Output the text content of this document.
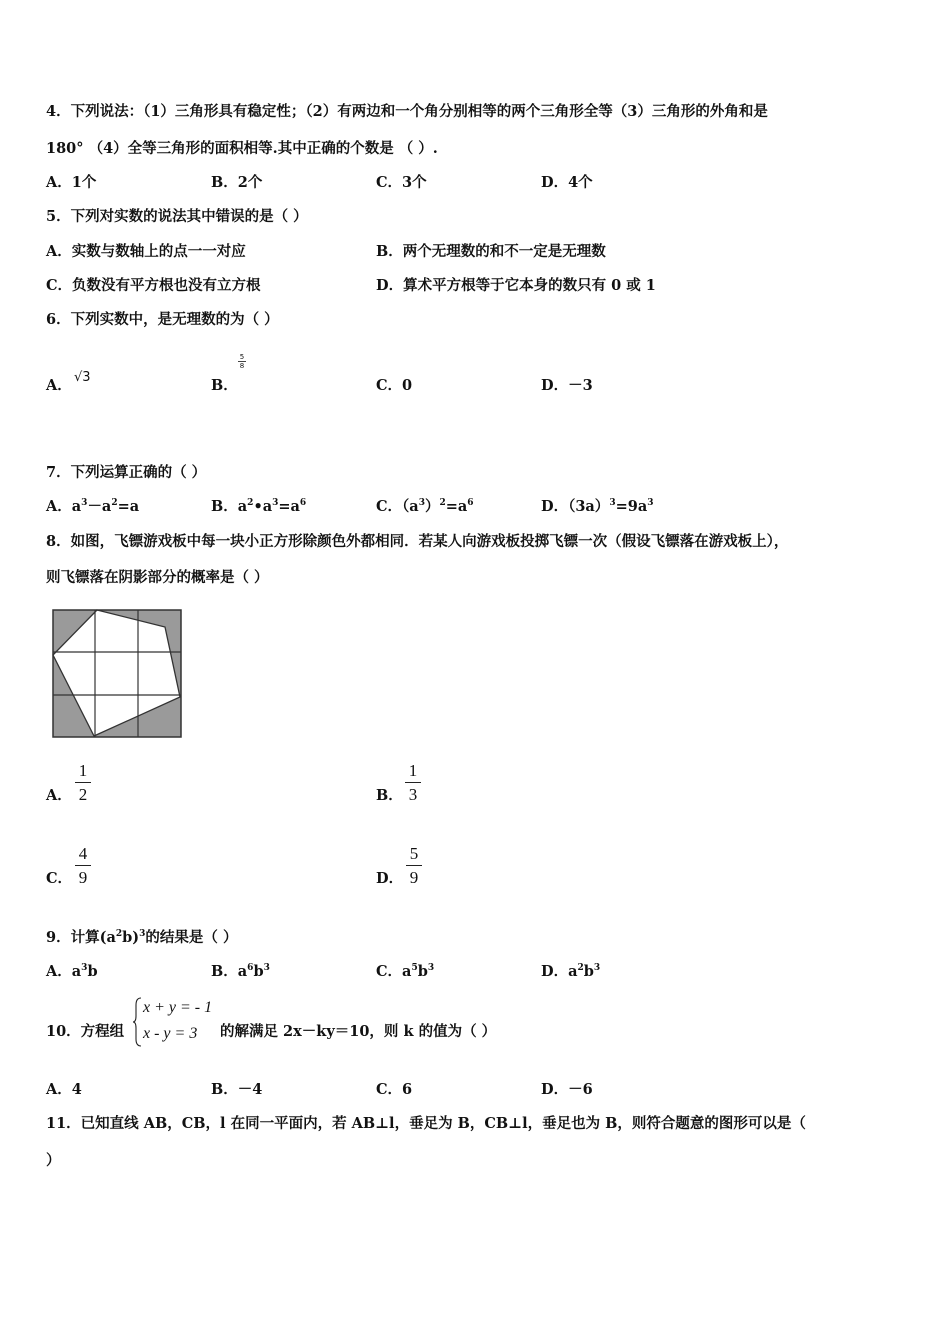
4．下列说法：（1）三角形具有稳定性；（2）有两边和一个角分别相等的两个三角形全等（3）三角形的外角和是
180° （4）全等三角形的面积相等.其中正确的个数是 （ ）.
A．1个	B．2个	C．3个	D．4个
5．下列对实数的说法其中错误的是（ ）
A．实数与数轴上的点一一对应	B．两个无理数的和不一定是无理数
C．负数没有平方根也没有立方根	D．算术平方根等于它本身的数只有 0 或 1
6．下列实数中，是无理数的为（ ）
A． √3	B．
5
8
C．0	D．－3
7．下列运算正确的（ ）
A．$a^3-a^2=a$	B．$a^2•a^3=a^6$	C．$(a^3)^2=a^6$	D．$(3a)^3=9a^3$
8．如图，飞镖游戏板中每一块小正方形除颜色外都相同．若某人向游戏板投掷飞镖一次（假设飞镖落在游戏板上），
则飞镖落在阴影部分的概率是（ ）
A．
1
2	B．
1
3
C．
4
9	D．
5
9
9．计算$(a^2b)^3$的结果是（ ）
A．$a^3b$	B．$a^6b^3$	C．$a^5b^3$	D．$a^2b^3$
10．方程组
x + y = - 1
x - y = 3 的解满足 2x－ky＝10，则 k 的值为（ ）
A．4	B．－4	C．6	D．－6
11．已知直线 AB，CB，l 在同一平面内，若 AB⊥l，垂足为 B，CB⊥l，垂足也为 B，则符合题意的图形可以是（
）
